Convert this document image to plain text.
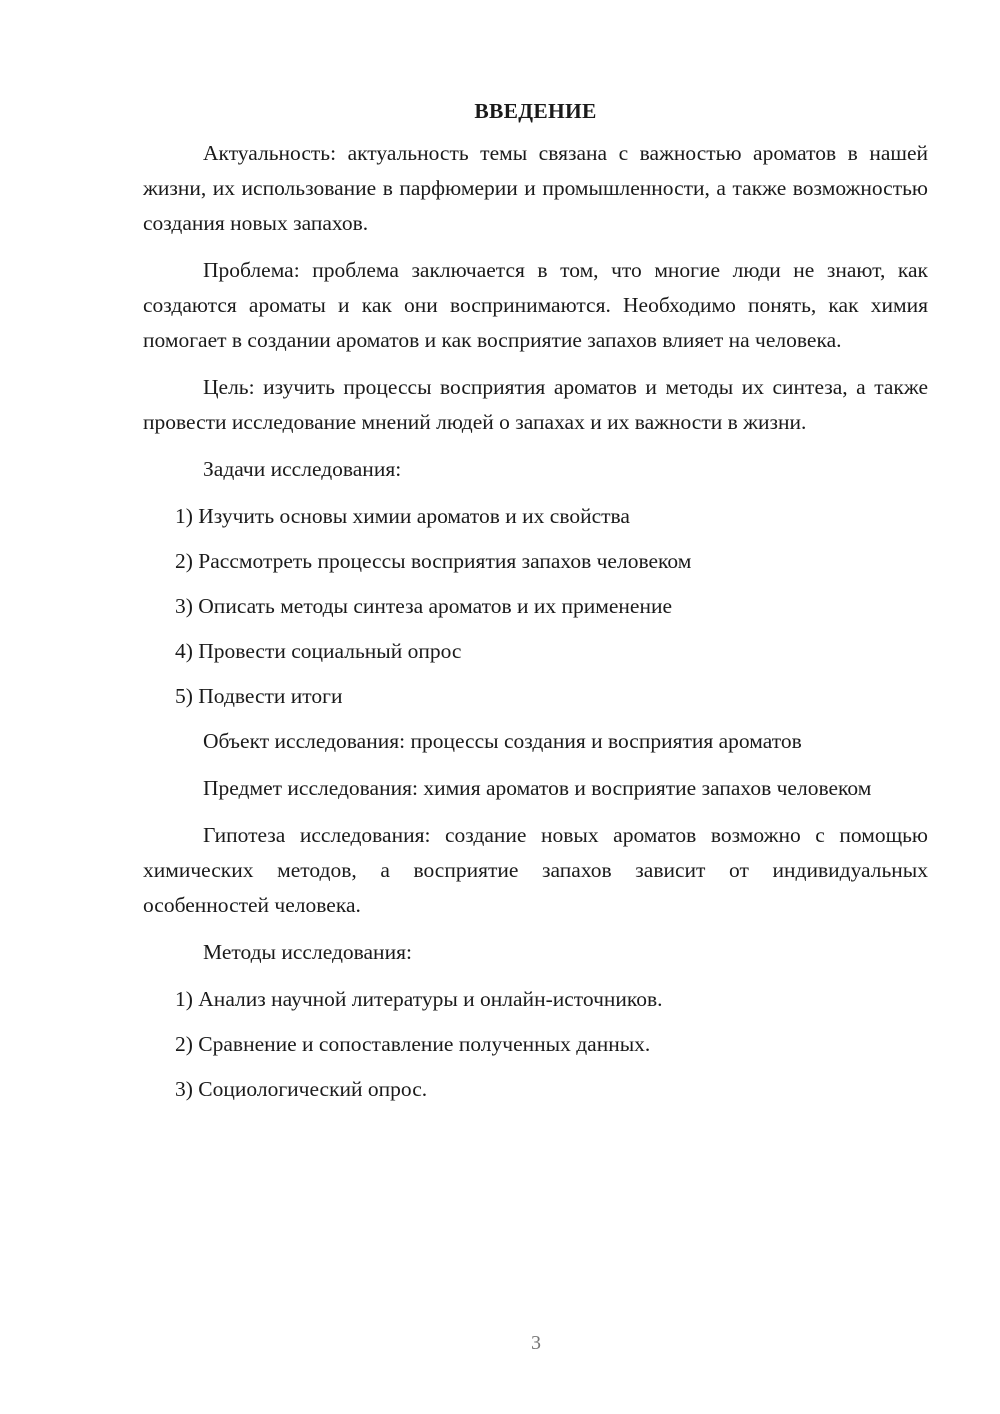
ВВЕДЕНИЕ

Актуальность: актуальность темы связана с важностью ароматов в нашей жизни, их использование в парфюмерии и промышленности, а также возможностью создания новых запахов.

Проблема: проблема заключается в том, что многие люди не знают, как создаются ароматы и как они воспринимаются. Необходимо понять, как химия помогает в создании ароматов и как восприятие запахов влияет на человека.

Цель: изучить процессы восприятия ароматов и методы их синтеза, а также провести исследование мнений людей о запахах и их важности в жизни.

Задачи исследования:

1) Изучить основы химии ароматов и их свойства
2) Рассмотреть процессы восприятия запахов человеком
3) Описать методы синтеза ароматов и их применение
4) Провести социальный опрос
5) Подвести итоги

Объект исследования: процессы создания и восприятия ароматов

Предмет исследования: химия ароматов и восприятие запахов человеком

Гипотеза исследования: создание новых ароматов возможно с помощью химических методов, а восприятие запахов зависит от индивидуальных особенностей человека.

Методы исследования:

1) Анализ научной литературы и онлайн-источников.
2) Сравнение и сопоставление полученных данных.
3) Социологический опрос.
3
